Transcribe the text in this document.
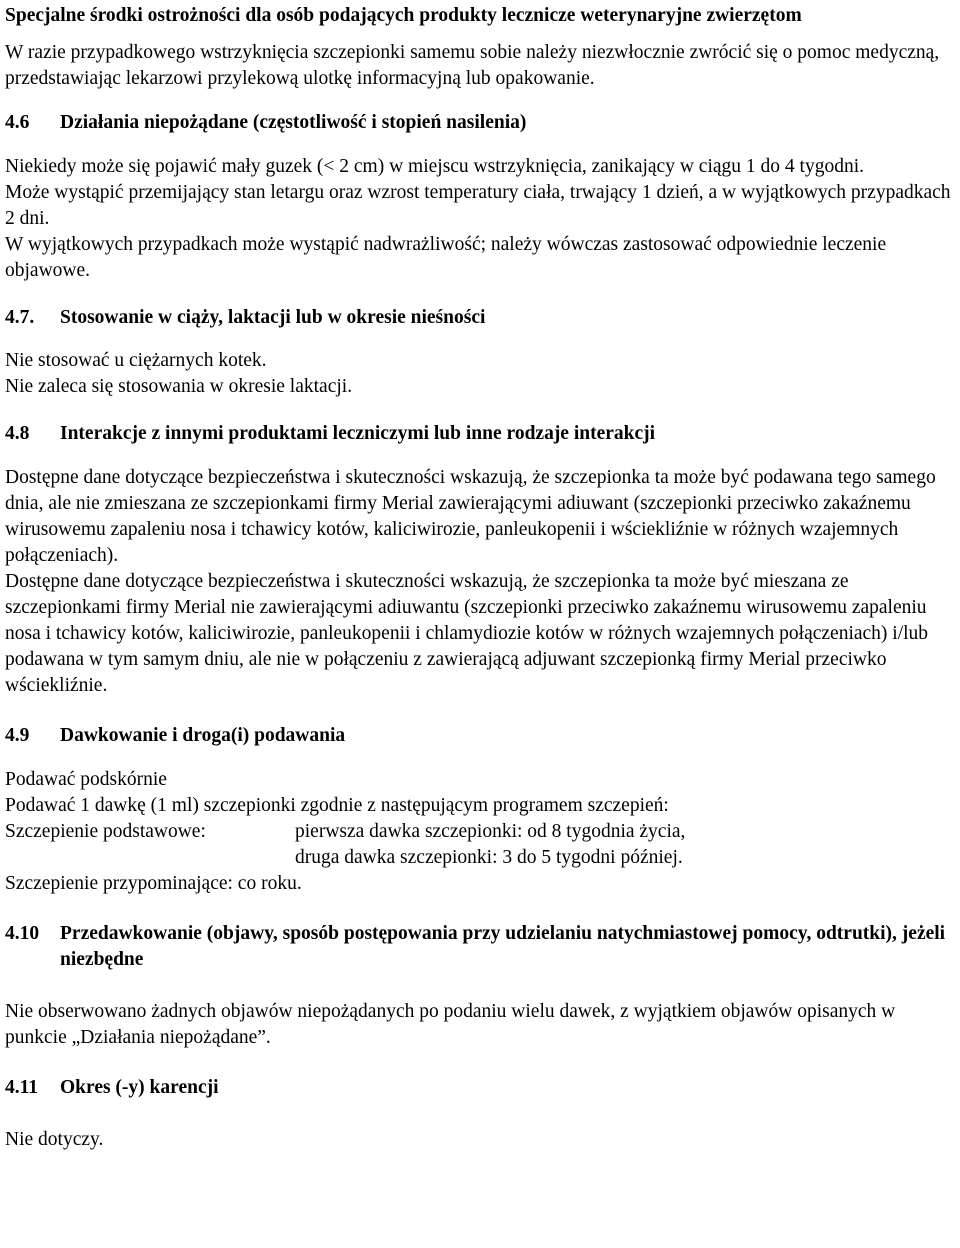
Specjalne środki ostrożności dla osób podających produkty lecznicze weterynaryjne zwierzętom

W razie przypadkowego wstrzyknięcia szczepionki samemu sobie należy niezwłocznie zwrócić się o pomoc medyczną, przedstawiając lekarzowi przylekową ulotkę informacyjną lub opakowanie.

4.6	Działania niepożądane (częstotliwość i stopień nasilenia)

Niekiedy może się pojawić mały guzek (< 2 cm) w miejscu wstrzyknięcia, zanikający w ciągu 1 do 4 tygodni.

Może wystąpić przemijający stan letargu oraz wzrost temperatury ciała, trwający 1 dzień, a w wyjątkowych przypadkach 2 dni.

W wyjątkowych przypadkach może wystąpić nadwrażliwość; należy wówczas zastosować odpowiednie leczenie objawowe.

4.7.	Stosowanie w ciąży, laktacji lub w okresie nieśności

Nie stosować u ciężarnych kotek.

Nie zaleca się stosowania w okresie laktacji.

4.8	Interakcje z innymi produktami leczniczymi lub inne rodzaje interakcji

Dostępne dane dotyczące bezpieczeństwa i skuteczności wskazują, że szczepionka ta może być podawana tego samego dnia, ale nie zmieszana ze szczepionkami firmy Merial zawierającymi adiuwant (szczepionki przeciwko zakaźnemu wirusowemu zapaleniu nosa i tchawicy kotów, kaliciwirozie, panleukopenii i wściekliźnie w różnych wzajemnych połączeniach).

Dostępne dane dotyczące bezpieczeństwa i skuteczności wskazują, że szczepionka ta może być mieszana ze szczepionkami firmy Merial nie zawierającymi adiuwantu (szczepionki przeciwko zakaźnemu wirusowemu zapaleniu nosa i tchawicy kotów, kaliciwirozie, panleukopenii i chlamydiozie kotów w różnych wzajemnych połączeniach) i/lub podawana w tym samym dniu, ale nie w połączeniu z zawierającą adjuwant szczepionką firmy Merial przeciwko wściekliźnie.

4.9	Dawkowanie i droga(i) podawania

Podawać podskórnie

Podawać 1 dawkę (1 ml) szczepionki zgodnie z następującym programem szczepień:

Szczepienie podstawowe:	pierwsza dawka szczepionki: od 8 tygodnia życia,
druga dawka szczepionki: 3 do 5 tygodni później.

Szczepienie przypominające: co roku.

4.10	Przedawkowanie (objawy, sposób postępowania przy udzielaniu natychmiastowej pomocy, odtrutki), jeżeli niezbędne

Nie obserwowano żadnych objawów niepożądanych po podaniu wielu dawek, z wyjątkiem objawów opisanych w punkcie „Działania niepożądane”.

4.11	Okres (-y) karencji

Nie dotyczy.
